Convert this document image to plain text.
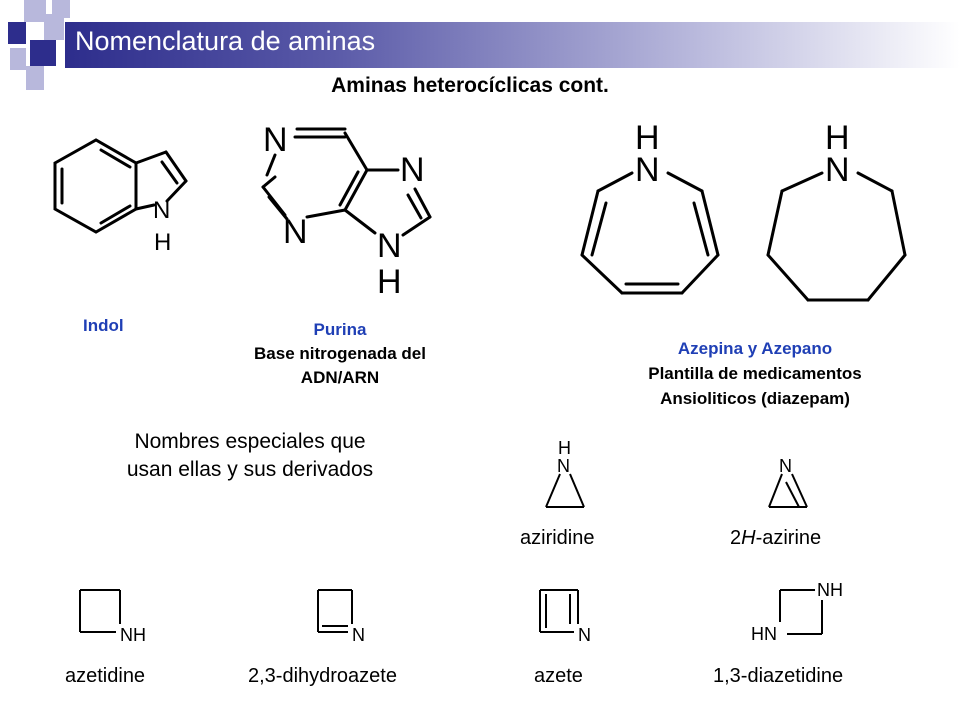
Nomenclatura de aminas
Aminas heterocíclicas cont.
N
H
N
N
N
N
H
H
N
H
N
Indol	Purina
Base nitrogenada del
ADN/ARN
Azepina y Azepano
Plantilla de medicamentos
Ansioliticos (diazepam)
Nombres especiales que
usan ellas y sus derivados
H
N
aziridine
N
2H-azirine
NH
azetidine
N
2,3-dihydroazete
N
azete
NH
HN
1,3-diazetidine
